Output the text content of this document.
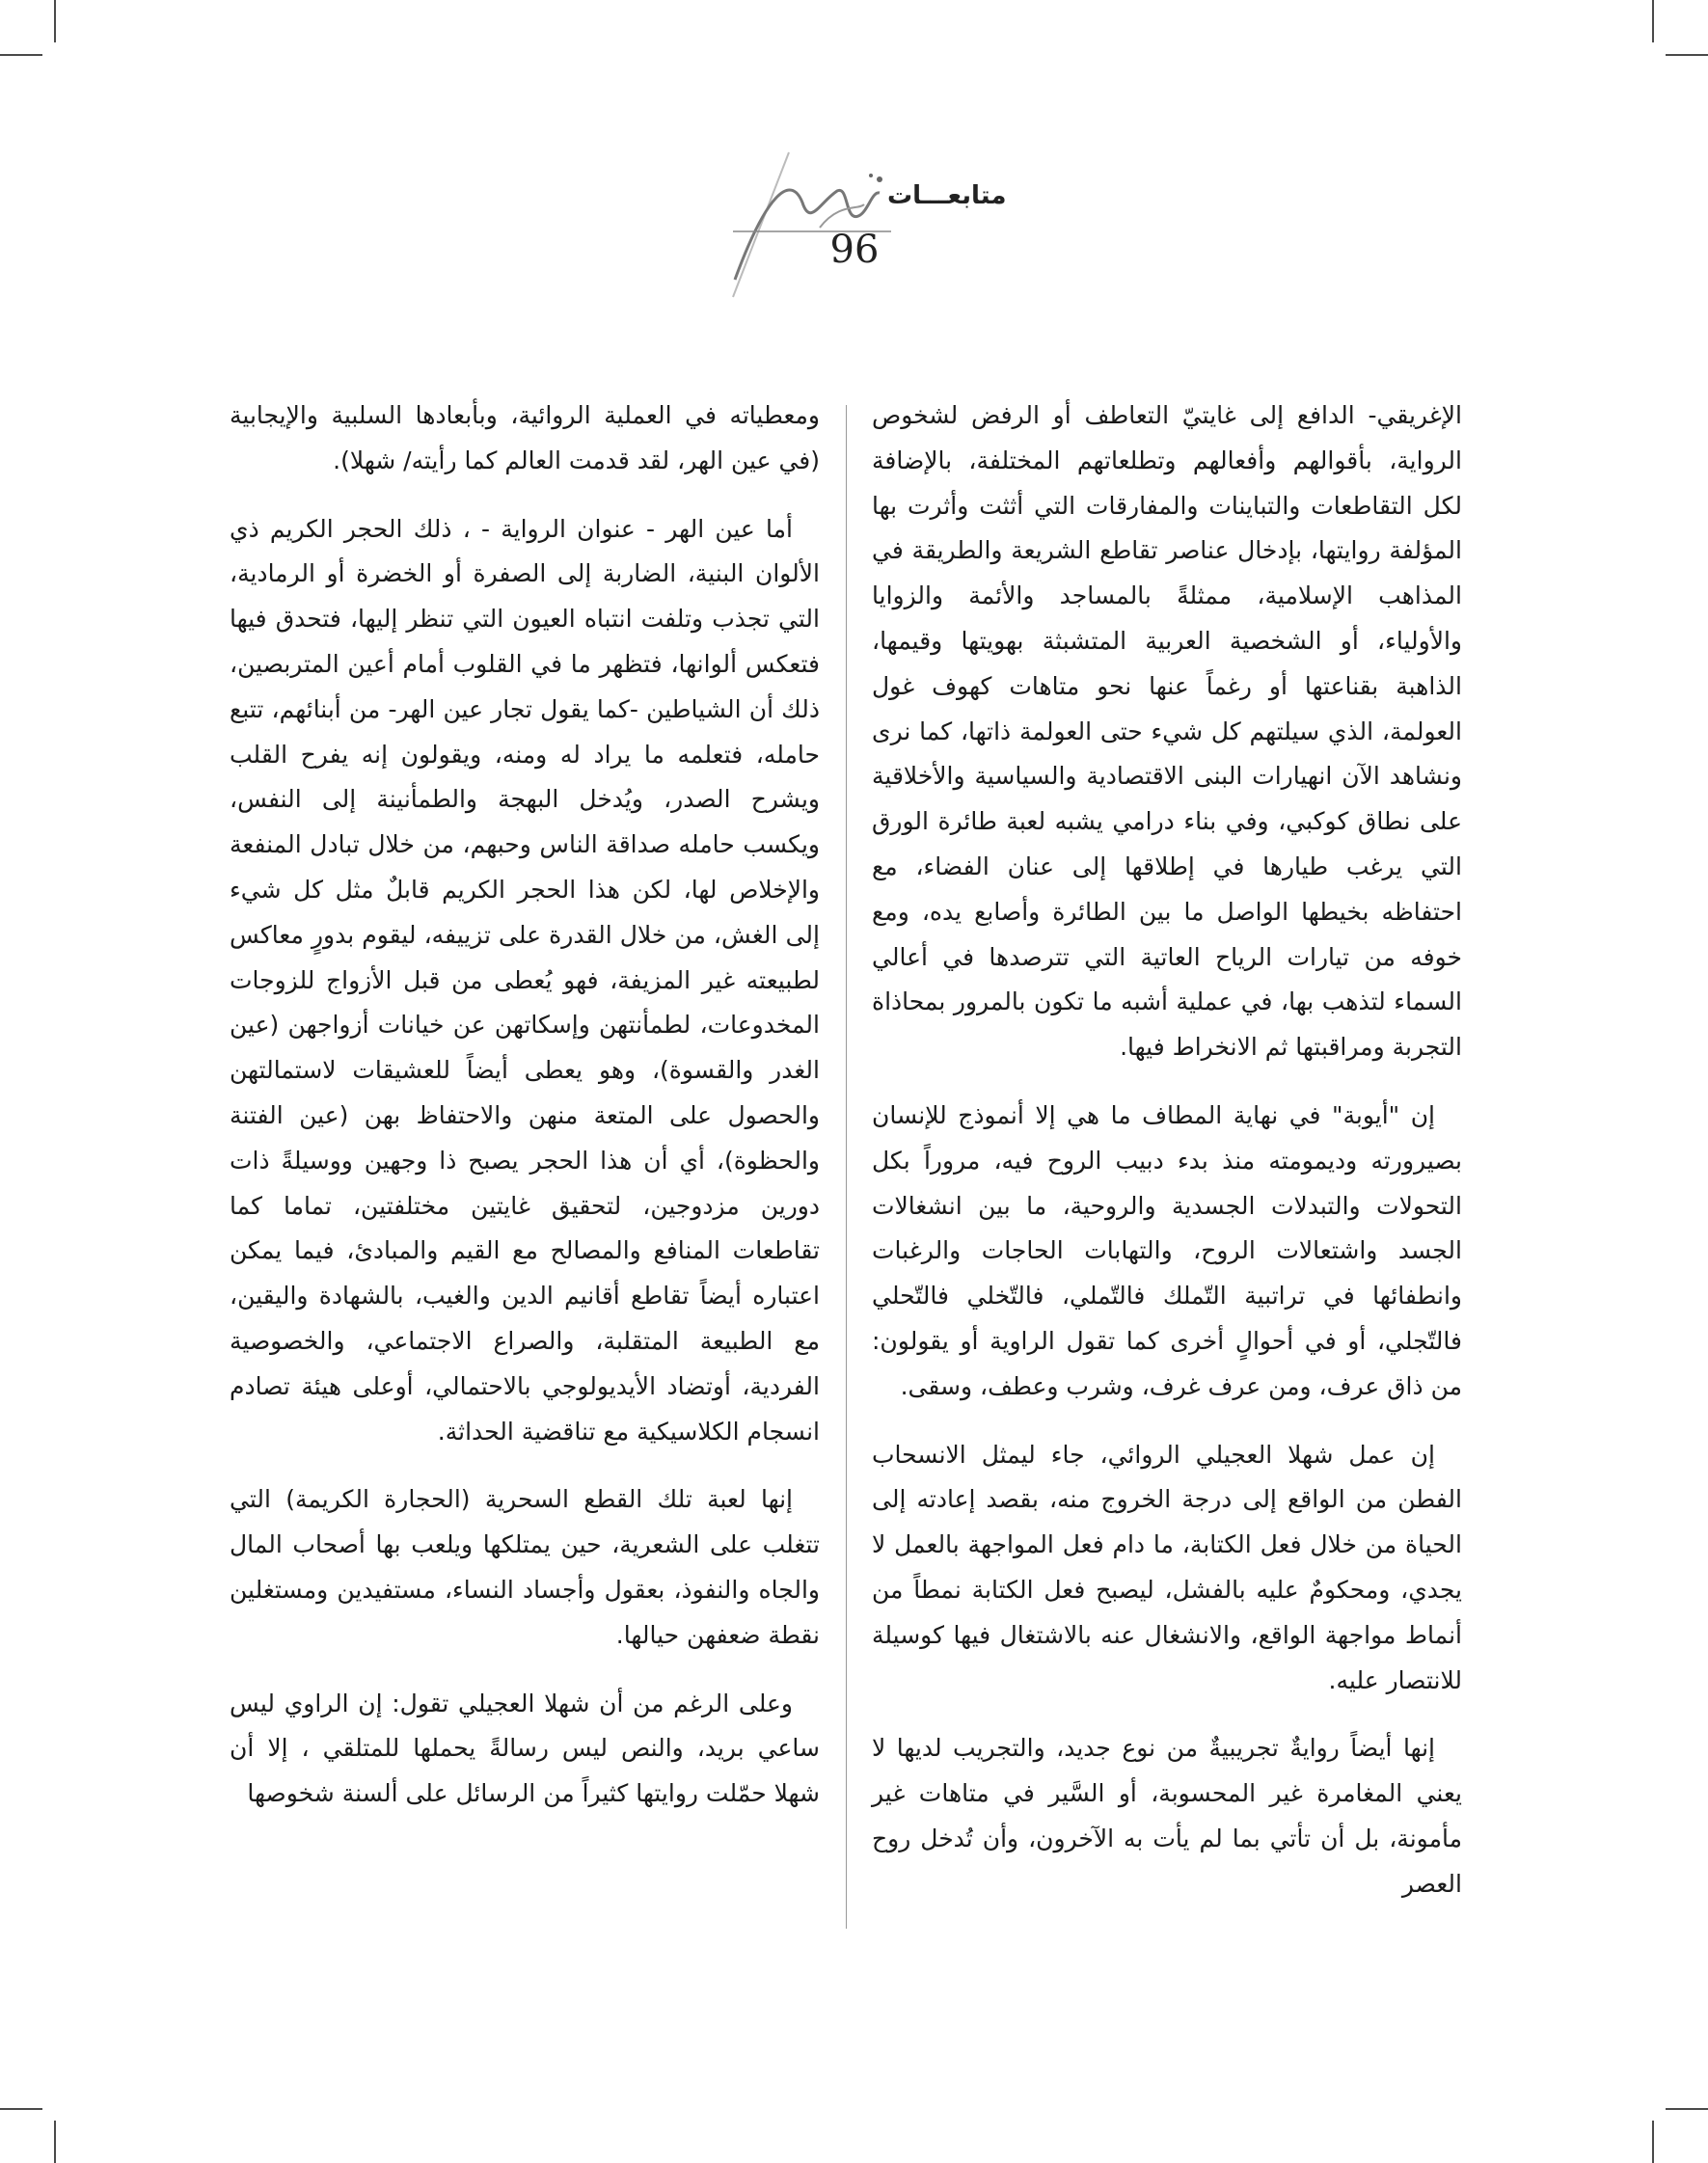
متابعـــات
96

الإغريقي- الدافع إلى غايتيّ التعاطف أو الرفض لشخوص الرواية، بأقوالهم وأفعالهم وتطلعاتهم المختلفة، بالإضافة لكل التقاطعات والتباينات والمفارقات التي أثثت وأثرت بها المؤلفة روايتها، بإدخال عناصر تقاطع الشريعة والطريقة في المذاهب الإسلامية، ممثلةً بالمساجد والأئمة والزوايا والأولياء، أو الشخصية العربية المتشبثة بهويتها وقيمها، الذاهبة بقناعتها أو رغماً عنها نحو متاهات كهوف غول العولمة، الذي سيلتهم كل شيء حتى العولمة ذاتها، كما نرى ونشاهد الآن انهيارات البنى الاقتصادية والسياسية والأخلاقية على نطاق كوكبي، وفي بناء درامي يشبه لعبة طائرة الورق التي يرغب طيارها في إطلاقها إلى عنان الفضاء، مع احتفاظه بخيطها الواصل ما بين الطائرة وأصابع يده، ومع خوفه من تيارات الرياح العاتية التي تترصدها في أعالي السماء لتذهب بها، في عملية أشبه ما تكون بالمرور بمحاذاة التجربة ومراقبتها ثم الانخراط فيها.

إن "أيوبة" في نهاية المطاف ما هي إلا أنموذج للإنسان بصيرورته وديمومته منذ بدء دبيب الروح فيه، مروراً بكل التحولات والتبدلات الجسدية والروحية، ما بين انشغالات الجسد واشتعالات الروح، والتهابات الحاجات والرغبات وانطفائها في تراتبية التّملك فالتّملي، فالتّخلي فالتّحلي فالتّجلي، أو في أحوالٍ أخرى كما تقول الراوية أو يقولون: من ذاق عرف، ومن عرف غرف، وشرب وعطف، وسقى.

إن عمل شهلا العجيلي الروائي، جاء ليمثل الانسحاب الفطن من الواقع إلى درجة الخروج منه، بقصد إعادته إلى الحياة من خلال فعل الكتابة، ما دام فعل المواجهة بالعمل لا يجدي، ومحكومٌ عليه بالفشل، ليصبح فعل الكتابة نمطاً من أنماط مواجهة الواقع، والانشغال عنه بالاشتغال فيها كوسيلة للانتصار عليه.

إنها أيضاً روايةٌ تجريبيةٌ من نوع جديد، والتجريب لديها لا يعني المغامرة غير المحسوبة، أو السَّير في متاهات غير مأمونة، بل أن تأتي بما لم يأت به الآخرون، وأن تُدخل روح العصر

ومعطياته في العملية الروائية، وبأبعادها السلبية والإيجابية (في عين الهر، لقد قدمت العالم كما رأيته/ شهلا).

أما عين الهر - عنوان الرواية - ، ذلك الحجر الكريم ذي الألوان البنية، الضاربة إلى الصفرة أو الخضرة أو الرمادية، التي تجذب وتلفت انتباه العيون التي تنظر إليها، فتحدق فيها فتعكس ألوانها، فتظهر ما في القلوب أمام أعين المتربصين، ذلك أن الشياطين -كما يقول تجار عين الهر- من أبنائهم، تتبع حامله، فتعلمه ما يراد له ومنه، ويقولون إنه يفرح القلب ويشرح الصدر، ويُدخل البهجة والطمأنينة إلى النفس، ويكسب حامله صداقة الناس وحبهم، من خلال تبادل المنفعة والإخلاص لها، لكن هذا الحجر الكريم قابلٌ مثل كل شيء إلى الغش، من خلال القدرة على تزييفه، ليقوم بدورٍ معاكس لطبيعته غير المزيفة، فهو يُعطى من قبل الأزواج للزوجات المخدوعات، لطمأنتهن وإسكاتهن عن خيانات أزواجهن (عين الغدر والقسوة)، وهو يعطى أيضاً للعشيقات لاستمالتهن والحصول على المتعة منهن والاحتفاظ بهن (عين الفتنة والحظوة)، أي أن هذا الحجر يصبح ذا وجهين ووسيلةً ذات دورين مزدوجين، لتحقيق غايتين مختلفتين، تماما كما تقاطعات المنافع والمصالح مع القيم والمبادئ، فيما يمكن اعتباره أيضاً تقاطع أقانيم الدين والغيب، بالشهادة واليقين، مع الطبيعة المتقلبة، والصراع الاجتماعي، والخصوصية الفردية، أوتضاد الأيديولوجي بالاحتمالي، أوعلى هيئة تصادم انسجام الكلاسيكية مع تناقضية الحداثة.

إنها لعبة تلك القطع السحرية (الحجارة الكريمة) التي تتغلب على الشعرية، حين يمتلكها ويلعب بها أصحاب المال والجاه والنفوذ، بعقول وأجساد النساء، مستفيدين ومستغلين نقطة ضعفهن حيالها.

وعلى الرغم من أن شهلا العجيلي تقول: إن الراوي ليس ساعي بريد، والنص ليس رسالةً يحملها للمتلقي ، إلا أن شهلا حمّلت روايتها كثيراً من الرسائل على ألسنة شخوصها
